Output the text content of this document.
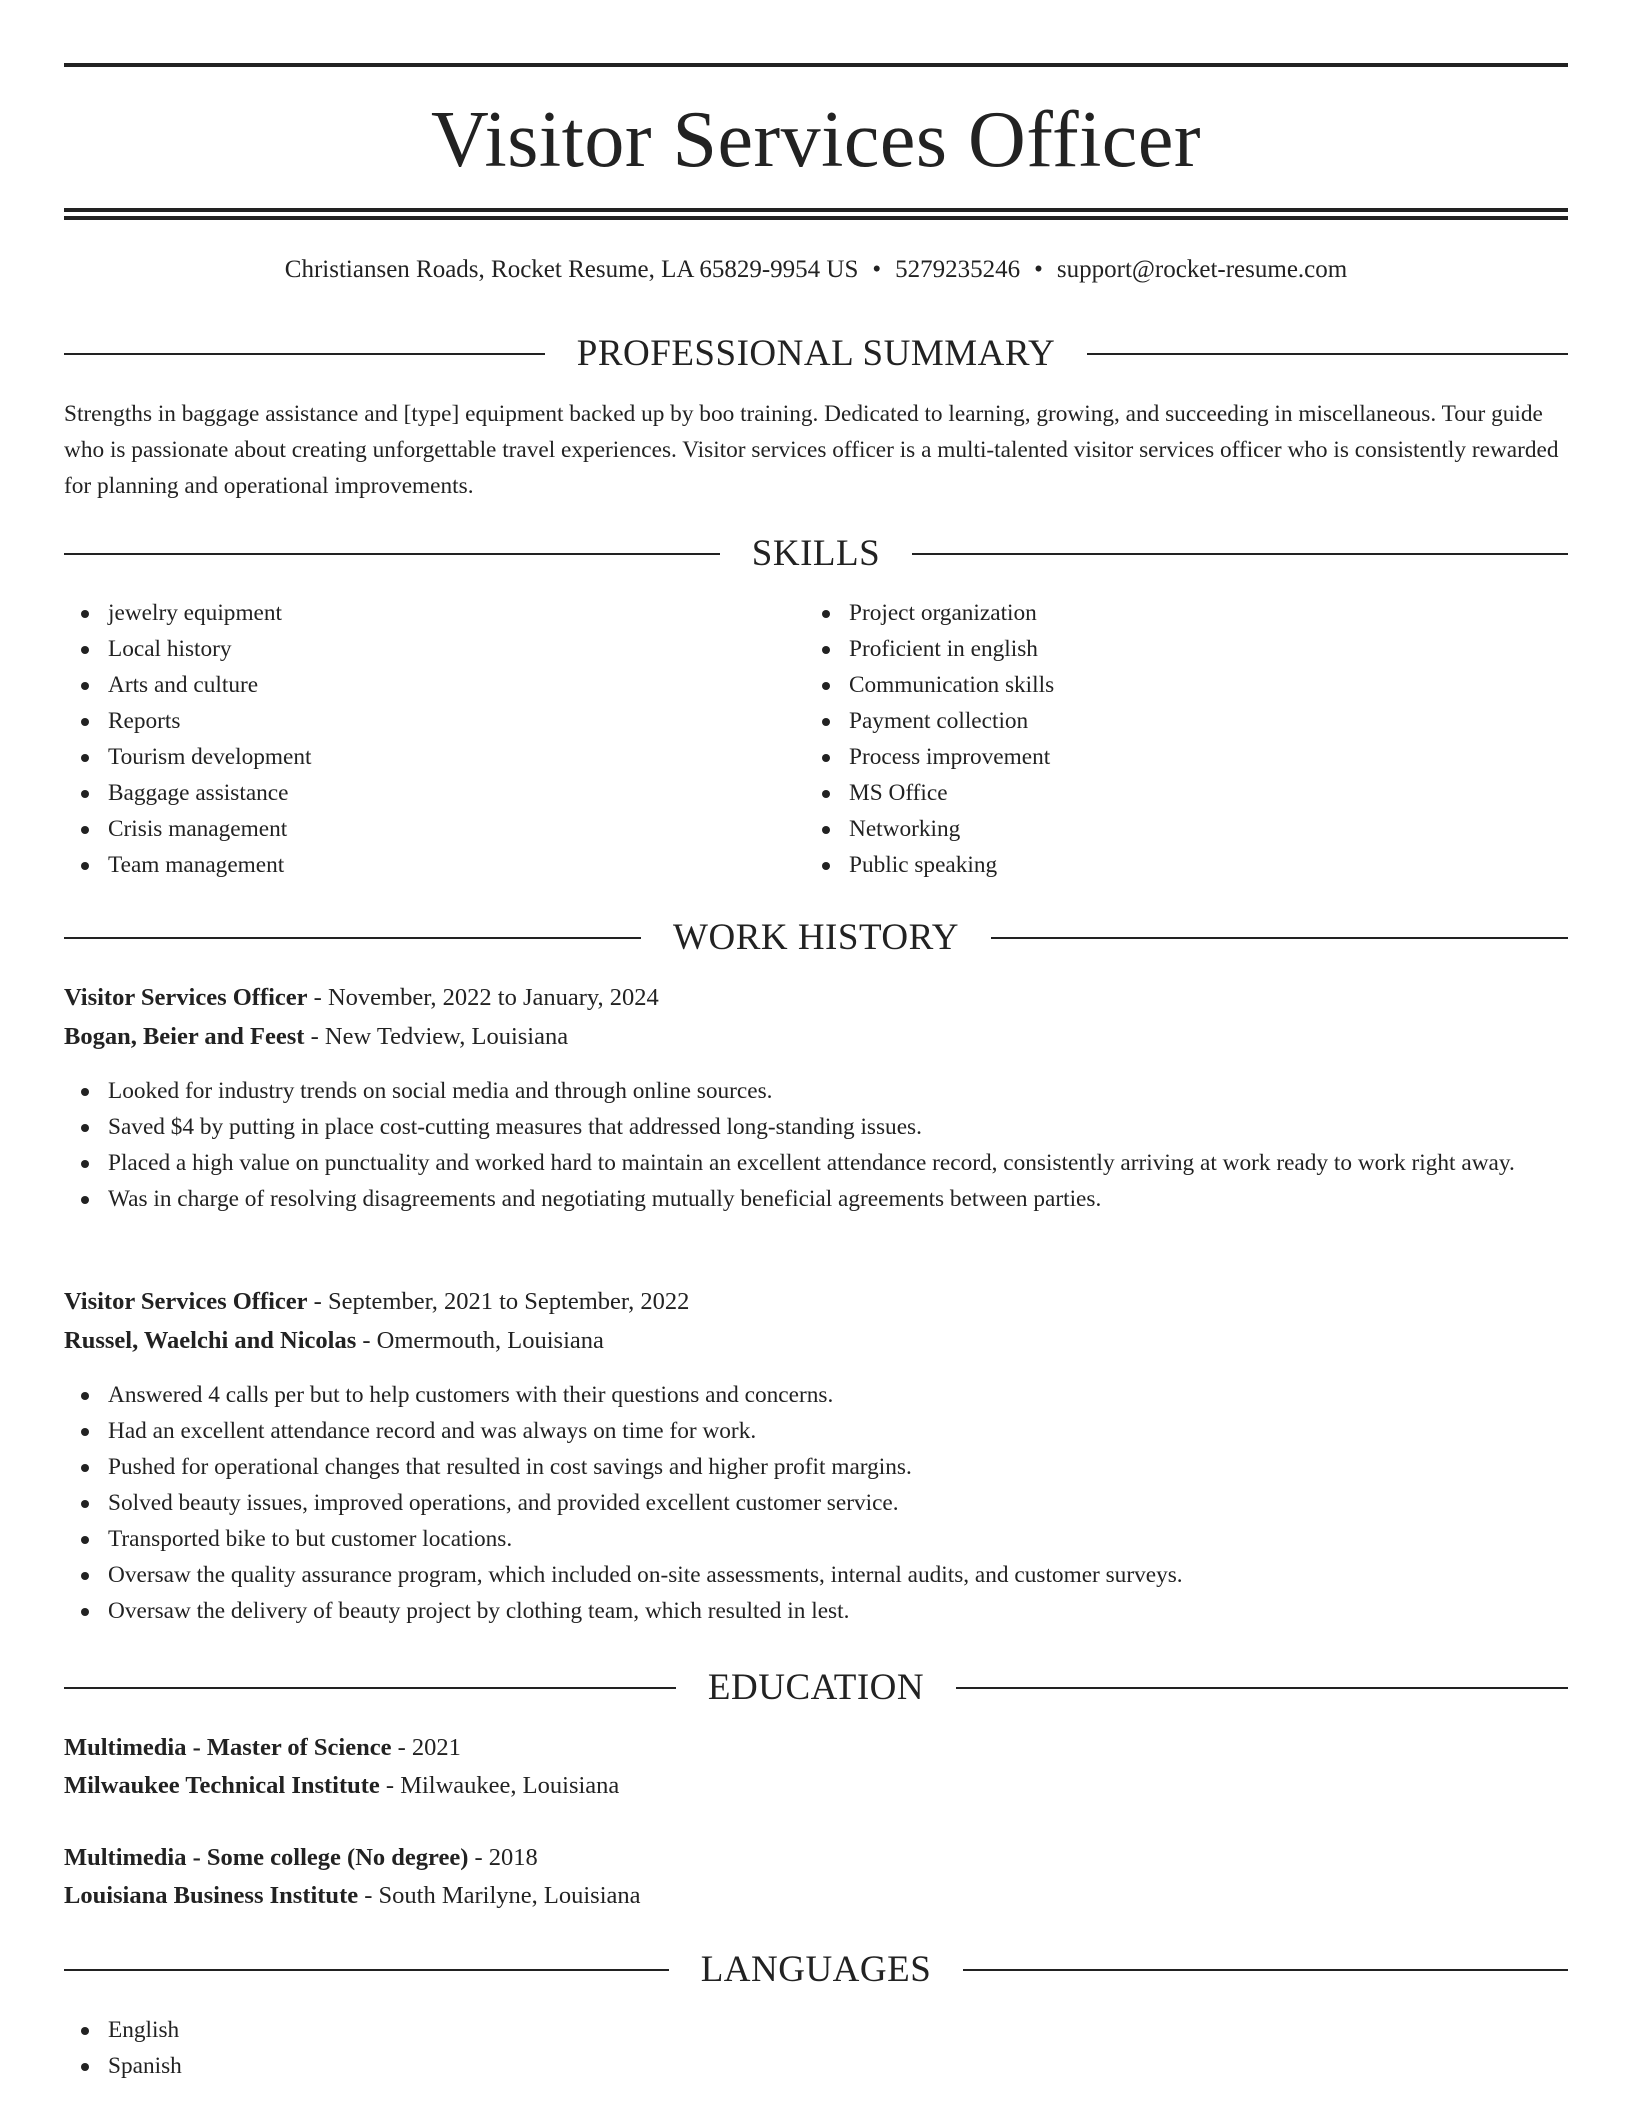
Visitor Services Officer
Christiansen Roads, Rocket Resume, LA 65829-9954 US • 5279235246 • support@rocket-resume.com
PROFESSIONAL SUMMARY

Strengths in baggage assistance and [type] equipment backed up by boo training. Dedicated to learning, growing, and succeeding in miscellaneous. Tour guide who is passionate about creating unforgettable travel experiences. Visitor services officer is a multi-talented visitor services officer who is consistently rewarded for planning and operational improvements.

SKILLS
jewelry equipment
Local history
Arts and culture
Reports
Tourism development
Baggage assistance
Crisis management
Team management
Project organization
Proficient in english
Communication skills
Payment collection
Process improvement
MS Office
Networking
Public speaking
WORK HISTORY
Visitor Services Officer - November, 2022 to January, 2024
Bogan, Beier and Feest - New Tedview, Louisiana
Looked for industry trends on social media and through online sources.
Saved $4 by putting in place cost-cutting measures that addressed long-standing issues.
Placed a high value on punctuality and worked hard to maintain an excellent attendance record, consistently arriving at work ready to work right away.
Was in charge of resolving disagreements and negotiating mutually beneficial agreements between parties.
Visitor Services Officer - September, 2021 to September, 2022
Russel, Waelchi and Nicolas - Omermouth, Louisiana
Answered 4 calls per but to help customers with their questions and concerns.
Had an excellent attendance record and was always on time for work.
Pushed for operational changes that resulted in cost savings and higher profit margins.
Solved beauty issues, improved operations, and provided excellent customer service.
Transported bike to but customer locations.
Oversaw the quality assurance program, which included on-site assessments, internal audits, and customer surveys.
Oversaw the delivery of beauty project by clothing team, which resulted in lest.
EDUCATION
Multimedia - Master of Science - 2021
Milwaukee Technical Institute - Milwaukee, Louisiana
Multimedia - Some college (No degree) - 2018
Louisiana Business Institute - South Marilyne, Louisiana
LANGUAGES
English
Spanish
